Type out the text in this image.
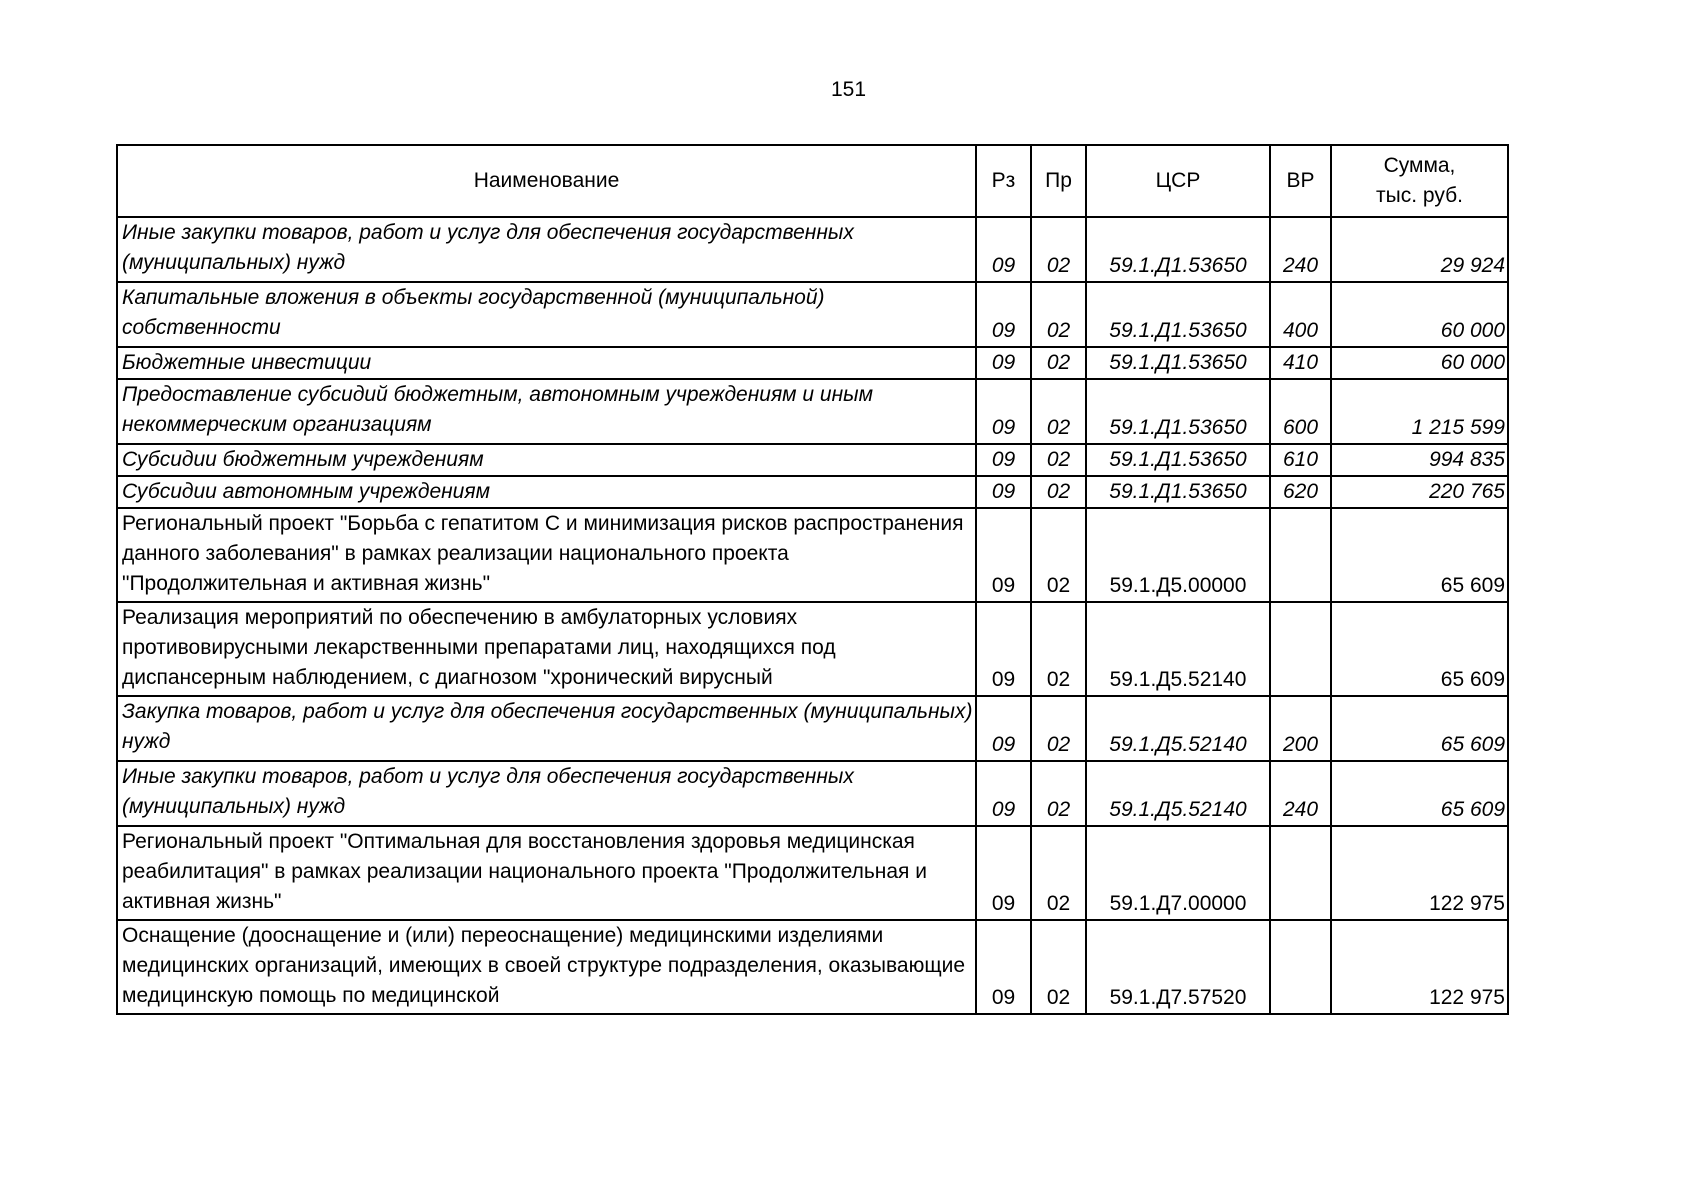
151
Наименование	Рз	Пр	ЦСР	ВР	Сумма,
тыс. руб.

Иные закупки товаров, работ и услуг для обеспечения государственных (муниципальных) нужд	09	02	59.1.Д1.53650	240	29 924
Капитальные вложения в объекты государственной (муниципальной) собственности	09	02	59.1.Д1.53650	400	60 000
Бюджетные инвестиции	09	02	59.1.Д1.53650	410	60 000
Предоставление субсидий бюджетным, автономным учреждениям и иным некоммерческим организациям	09	02	59.1.Д1.53650	600	1 215 599
Субсидии бюджетным учреждениям	09	02	59.1.Д1.53650	610	994 835
Субсидии автономным учреждениям	09	02	59.1.Д1.53650	620	220 765

Региональный проект "Борьба с гепатитом С и минимизация рисков распространения данного заболевания" в рамках реализации национального проекта "Продолжительная и активная жизнь"	09	02	59.1.Д5.00000		65 609

Реализация мероприятий по обеспечению в амбулаторных условиях противовирусными лекарственными препаратами лиц, находящихся под диспансерным наблюдением, с диагнозом "хронический вирусный	09	02	59.1.Д5.52140		65 609
Закупка товаров, работ и услуг для обеспечения государственных (муниципальных) нужд	09	02	59.1.Д5.52140	200	65 609
Иные закупки товаров, работ и услуг для обеспечения государственных (муниципальных) нужд	09	02	59.1.Д5.52140	240	65 609

Региональный проект "Оптимальная для восстановления здоровья медицинская реабилитация" в рамках реализации национального проекта "Продолжительная и активная жизнь"	09	02	59.1.Д7.00000		122 975

Оснащение (дооснащение и (или) переоснащение) медицинскими изделиями медицинских организаций, имеющих в своей структуре подразделения, оказывающие медицинскую помощь по медицинской	09	02	59.1.Д7.57520		122 975
